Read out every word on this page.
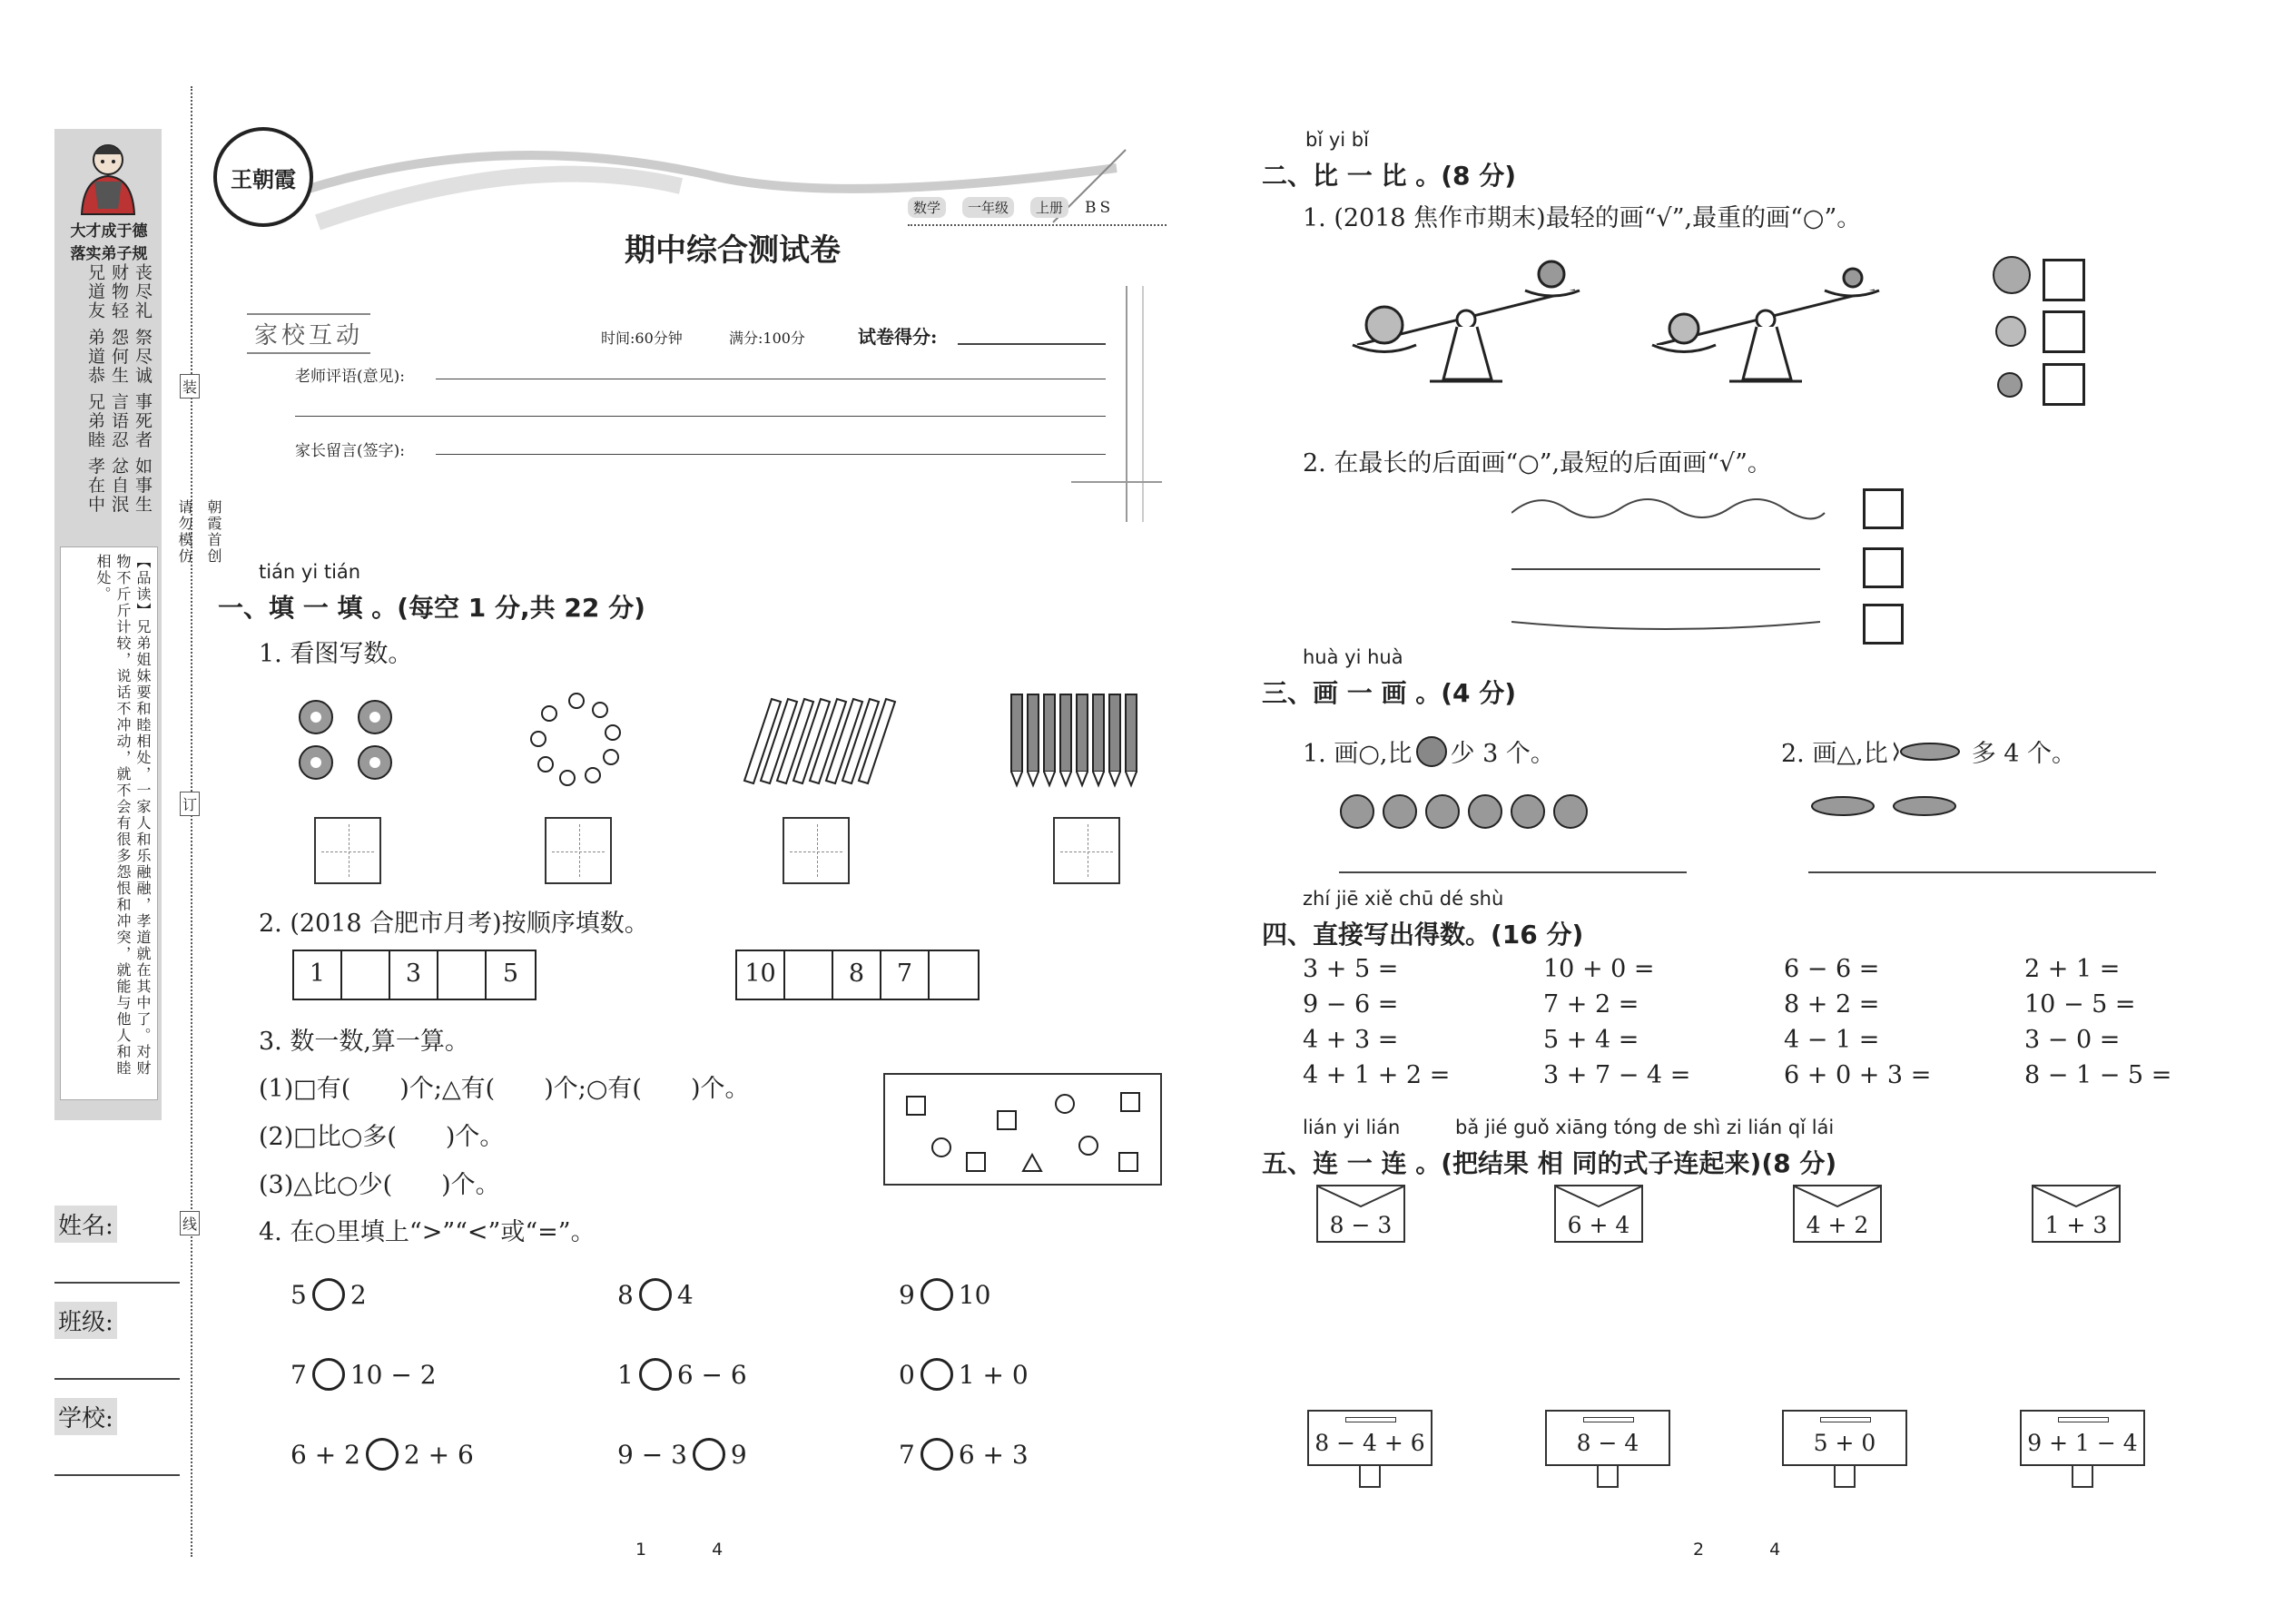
大才成于德
落实弟子规
丧尽礼 祭尽诚 事死者 如事生 财物轻 怨何生 言语忍 忿自泯 兄道友 弟道恭 兄弟睦 孝在中
【品读】兄弟姐妹要和睦相处，一家人和乐融融，孝道就在其中了。对财物不斤斤计较，说话不冲动，就不会有很多怨恨和冲突，就能与他人和睦相处。
姓名:
班级:
学校:
装
订
线
请勿模仿 朝霞首创
王朝霞
数学	一年级	上册	BS
期中综合测试卷
家校互动	时间:60分钟	满分:100分	试卷得分:
老师评语(意见):
家长留言(签字):
tián yi tián
一、填 一 填 。(每空 1 分,共 22 分)
1. 看图写数。
2. (2018 合肥市月考)按顺序填数。
1	3	5	10	8	7
3. 数一数,算一算。
(1)□有(　　)个;△有(　　)个;○有(　　)个。
(2)□比○多(　　)个。
(3)△比○少(　　)个。
4. 在○里填上“>”“<”或“=”。
5 2	8 4	9 10
7 10 − 2	1 6 − 6	0 1 + 0
6 + 2 2 + 6	9 − 3 9	7 6 + 3
1	4
bǐ yi bǐ
二、比 一 比 。(8 分)
1. (2018 焦作市期末)最轻的画“√”,最重的画“○”。
2. 在最长的后面画“○”,最短的后面画“√”。
huà yi huà
三、画 一 画 。(4 分)
1. 画○,比 少 3 个。	2. 画△,比	多 4 个。
zhí jiē xiě chū dé shù
四、直接写出得数。(16 分)
3 + 5 =	10 + 0 =	6 − 6 =	2 + 1 =
9 − 6 =	7 + 2 =	8 + 2 =	10 − 5 =
4 + 3 =	5 + 4 =	4 − 1 =	3 − 0 =
4 + 1 + 2 =	3 + 7 − 4 =	6 + 0 + 3 =	8 − 1 − 5 =
lián yi lián	bǎ jié guǒ xiāng tóng de shì zi lián qǐ lái
五、连 一 连 。(把结果 相 同的式子连起来)(8 分)
8 − 3	6 + 4	4 + 2	1 + 3
8 − 4 + 6	8 − 4	5 + 0	9 + 1 − 4
2	4
